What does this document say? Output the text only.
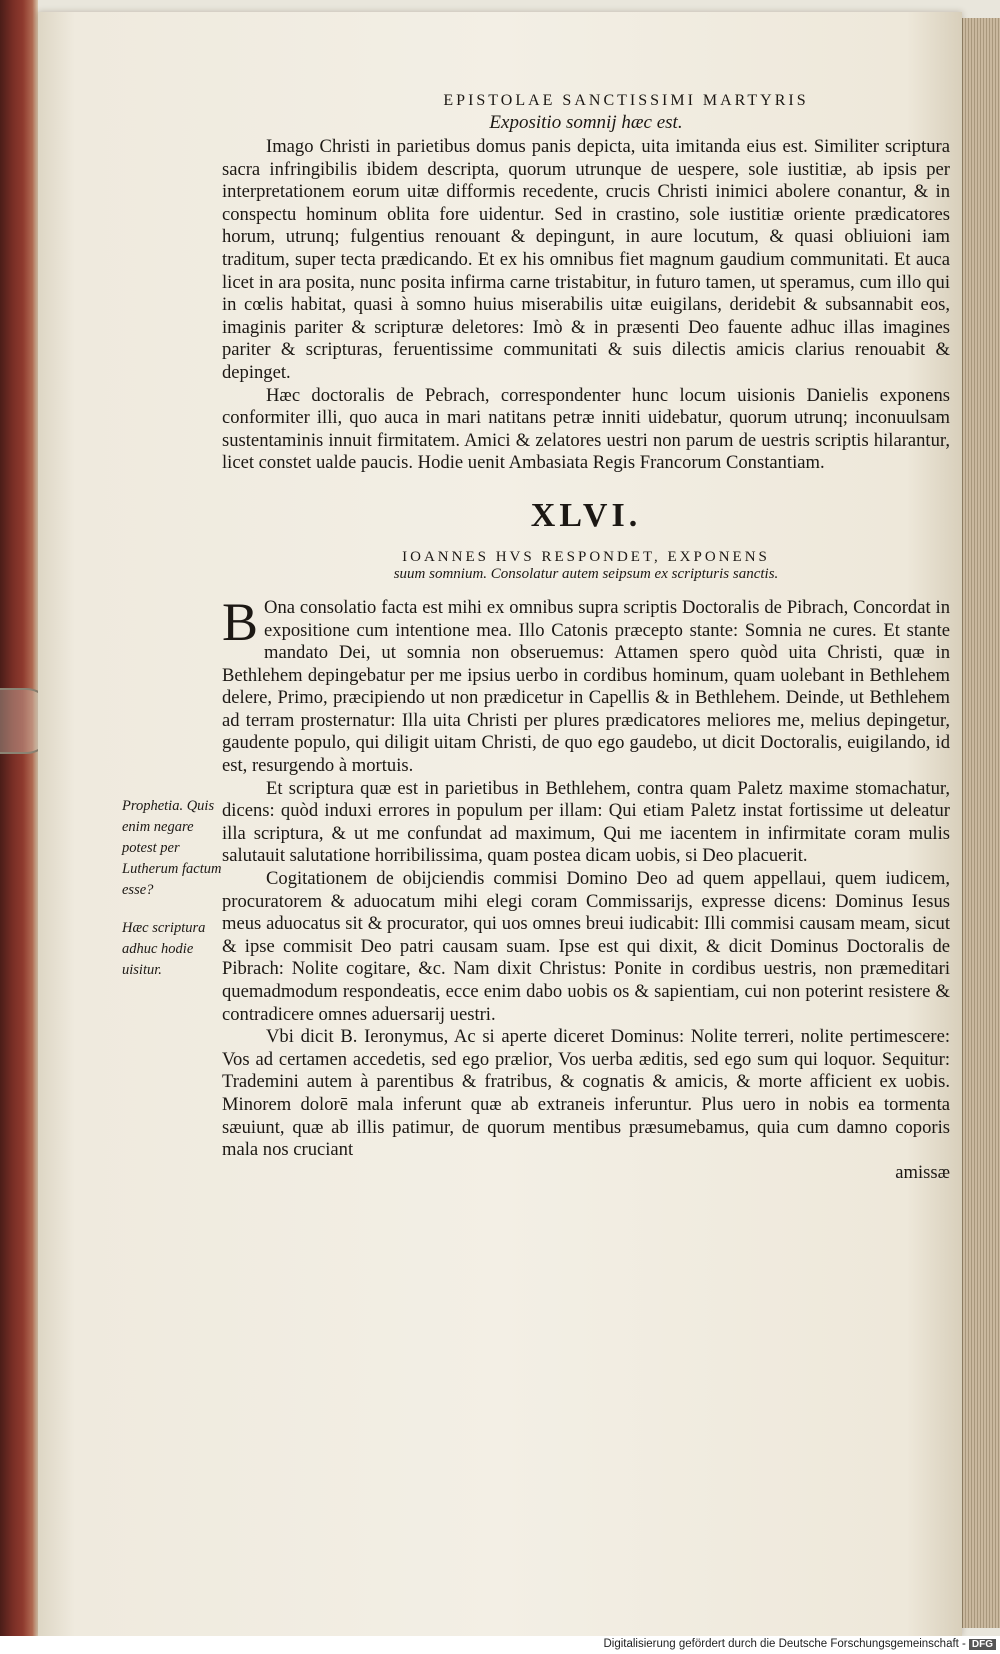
Prophetia. Quis enim negare potest per Lutherum factum esse?
Hæc scriptura adhuc hodie uisitur.
EPISTOLAE SANCTISSIMI MARTYRIS
Expositio somnij hæc est.

Imago Christi in parietibus domus panis depicta, uita imitanda eius est. Similiter scriptura sacra infringibilis ibidem descripta, quorum utrunque de uespere, sole iustitiæ, ab ipsis per interpretationem eorum uitæ difformis recedente, crucis Christi inimici abolere conantur, & in conspectu hominum oblita fore uidentur. Sed in crastino, sole iustitiæ oriente prædicatores horum, utrunq; fulgentius renouant & depingunt, in aure locutum, & quasi obliuioni iam traditum, super tecta prædicando. Et ex his omnibus fiet magnum gaudium communitati. Et auca licet in ara posita, nunc posita infirma carne tristabitur, in futuro tamen, ut speramus, cum illo qui in cœlis habitat, quasi à somno huius miserabilis uitæ euigilans, deridebit & subsannabit eos, imaginis pariter & scripturæ deletores: Imò & in præsenti Deo fauente adhuc illas imagines pariter & scripturas, feruentissime communitati & suis dilectis amicis clarius renouabit & depinget.

Hæc doctoralis de Pebrach, correspondenter hunc locum uisionis Danielis exponens conformiter illi, quo auca in mari natitans petræ inniti uidebatur, quorum utrunq; inconuulsam sustentaminis innuit firmitatem. Amici & zelatores uestri non parum de uestris scriptis hilarantur, licet constet ualde paucis. Hodie uenit Ambasiata Regis Francorum Constantiam.

XLVI.
IOANNES HVS RESPONDET, EXPONENS
suum somnium. Consolatur autem seipsum ex scripturis sanctis.

B Ona consolatio facta est mihi ex omnibus supra scriptis Doctoralis de Pibrach, Concordat in expositione cum intentione mea. Illo Catonis præcepto stante: Somnia ne cures. Et stante mandato Dei, ut somnia non obseruemus: Attamen spero quòd uita Christi, quæ in Bethlehem depingebatur per me ipsius uerbo in cordibus hominum, quam uolebant in Bethlehem delere, Primo, præcipiendo ut non prædicetur in Capellis & in Bethlehem. Deinde, ut Bethlehem ad terram prosternatur: Illa uita Christi per plures prædicatores meliores me, melius depingetur, gaudente populo, qui diligit uitam Christi, de quo ego gaudebo, ut dicit Doctoralis, euigilando, id est, resurgendo à mortuis.

Et scriptura quæ est in parietibus in Bethlehem, contra quam Paletz maxime stomachatur, dicens: quòd induxi errores in populum per illam: Qui etiam Paletz instat fortissime ut deleatur illa scriptura, & ut me confundat ad maximum, Qui me iacentem in infirmitate coram mulis salutauit salutatione horribilissima, quam postea dicam uobis, si Deo placuerit.

Cogitationem de obijciendis commisi Domino Deo ad quem appellaui, quem iudicem, procuratorem & aduocatum mihi elegi coram Commissarijs, expresse dicens: Dominus Iesus meus aduocatus sit & procurator, qui uos omnes breui iudicabit: Illi commisi causam meam, sicut & ipse commisit Deo patri causam suam. Ipse est qui dixit, & dicit Dominus Doctoralis de Pibrach: Nolite cogitare, &c. Nam dixit Christus: Ponite in cordibus uestris, non præmeditari quemadmodum respondeatis, ecce enim dabo uobis os & sapientiam, cui non poterint resistere & contradicere omnes aduersarij uestri.

Vbi dicit B. Ieronymus, Ac si aperte diceret Dominus: Nolite terreri, nolite pertimescere: Vos ad certamen accedetis, sed ego prælior, Vos uerba æditis, sed ego sum qui loquor. Sequitur: Trademini autem à parentibus & fratribus, & cognatis & amicis, & morte afficient ex uobis. Minorem dolorē mala inferunt quæ ab extraneis inferuntur. Plus uero in nobis ea tormenta sæuiunt, quæ ab illis patimur, de quorum mentibus præsumebamus, quia cum damno coporis mala nos cruciant

amissæ
Digitalisierung gefördert durch die Deutsche Forschungsgemeinschaft - DFG
